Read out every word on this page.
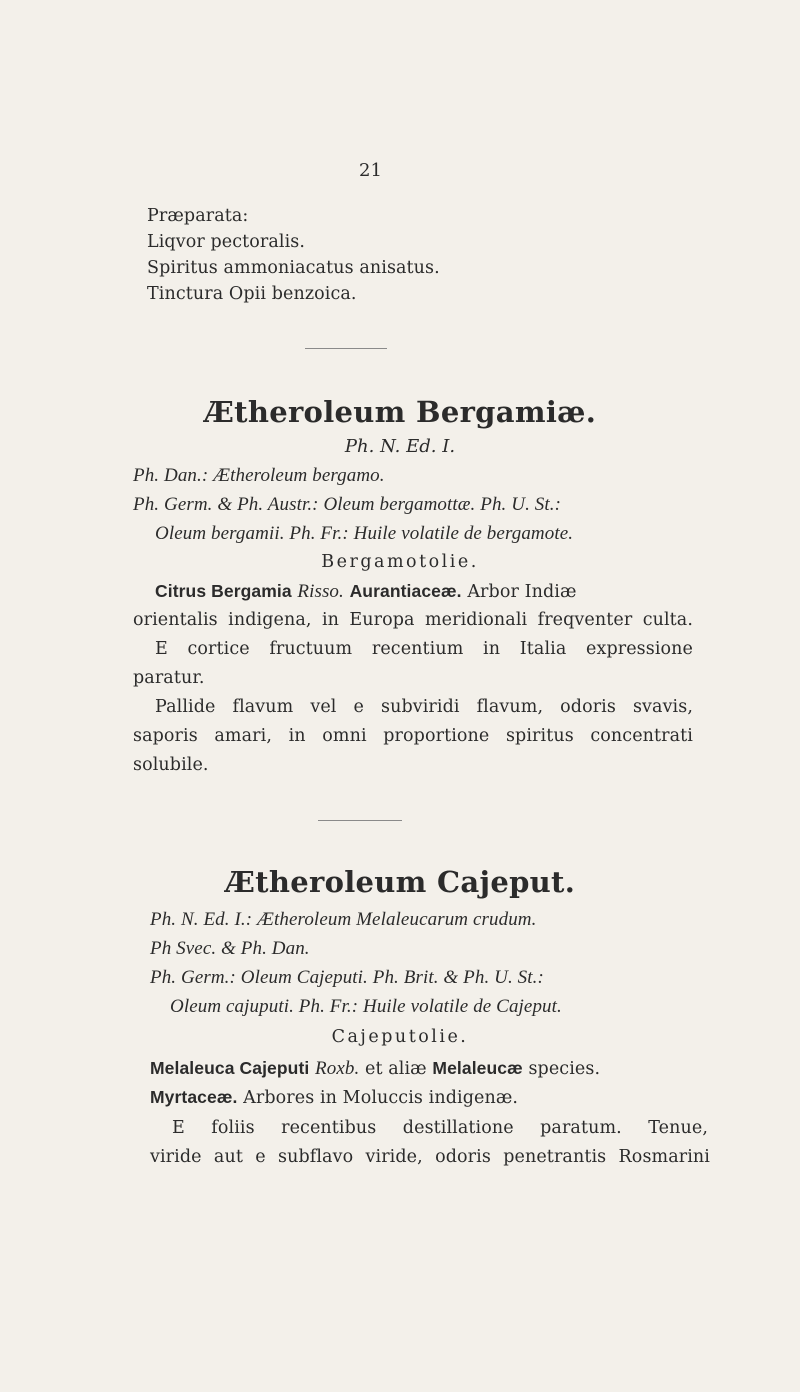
21
Præparata:
Liqvor pectoralis.
Spiritus ammoniacatus anisatus.
Tinctura Opii benzoica.
Ætheroleum Bergamiæ.
Ph. N. Ed. I.
Ph. Dan.: Ætheroleum bergamo.
Ph. Germ. & Ph. Austr.: Oleum bergamottæ. Ph. U. St.:
Oleum bergamii. Ph. Fr.: Huile volatile de bergamote.
Bergamotolie.
Citrus Bergamia Risso. Aurantiaceæ. Arbor Indiæ
orientalis indigena, in Europa meridionali freqventer culta.
E cortice fructuum recentium in Italia expressione
paratur.
Pallide flavum vel e subviridi flavum, odoris svavis,
saporis amari, in omni proportione spiritus concentrati
solubile.
Ætheroleum Cajeput.
Ph. N. Ed. I.: Ætheroleum Melaleucarum crudum.
Ph Svec. & Ph. Dan.
Ph. Germ.: Oleum Cajeputi. Ph. Brit. & Ph. U. St.:
Oleum cajuputi. Ph. Fr.: Huile volatile de Cajeput.
Cajeputolie.
Melaleuca Cajeputi Roxb. et aliæ Melaleucæ species.
Myrtaceæ. Arbores in Moluccis indigenæ.
E foliis recentibus destillatione paratum. Tenue,
viride aut e subflavo viride, odoris penetrantis Rosmarini
